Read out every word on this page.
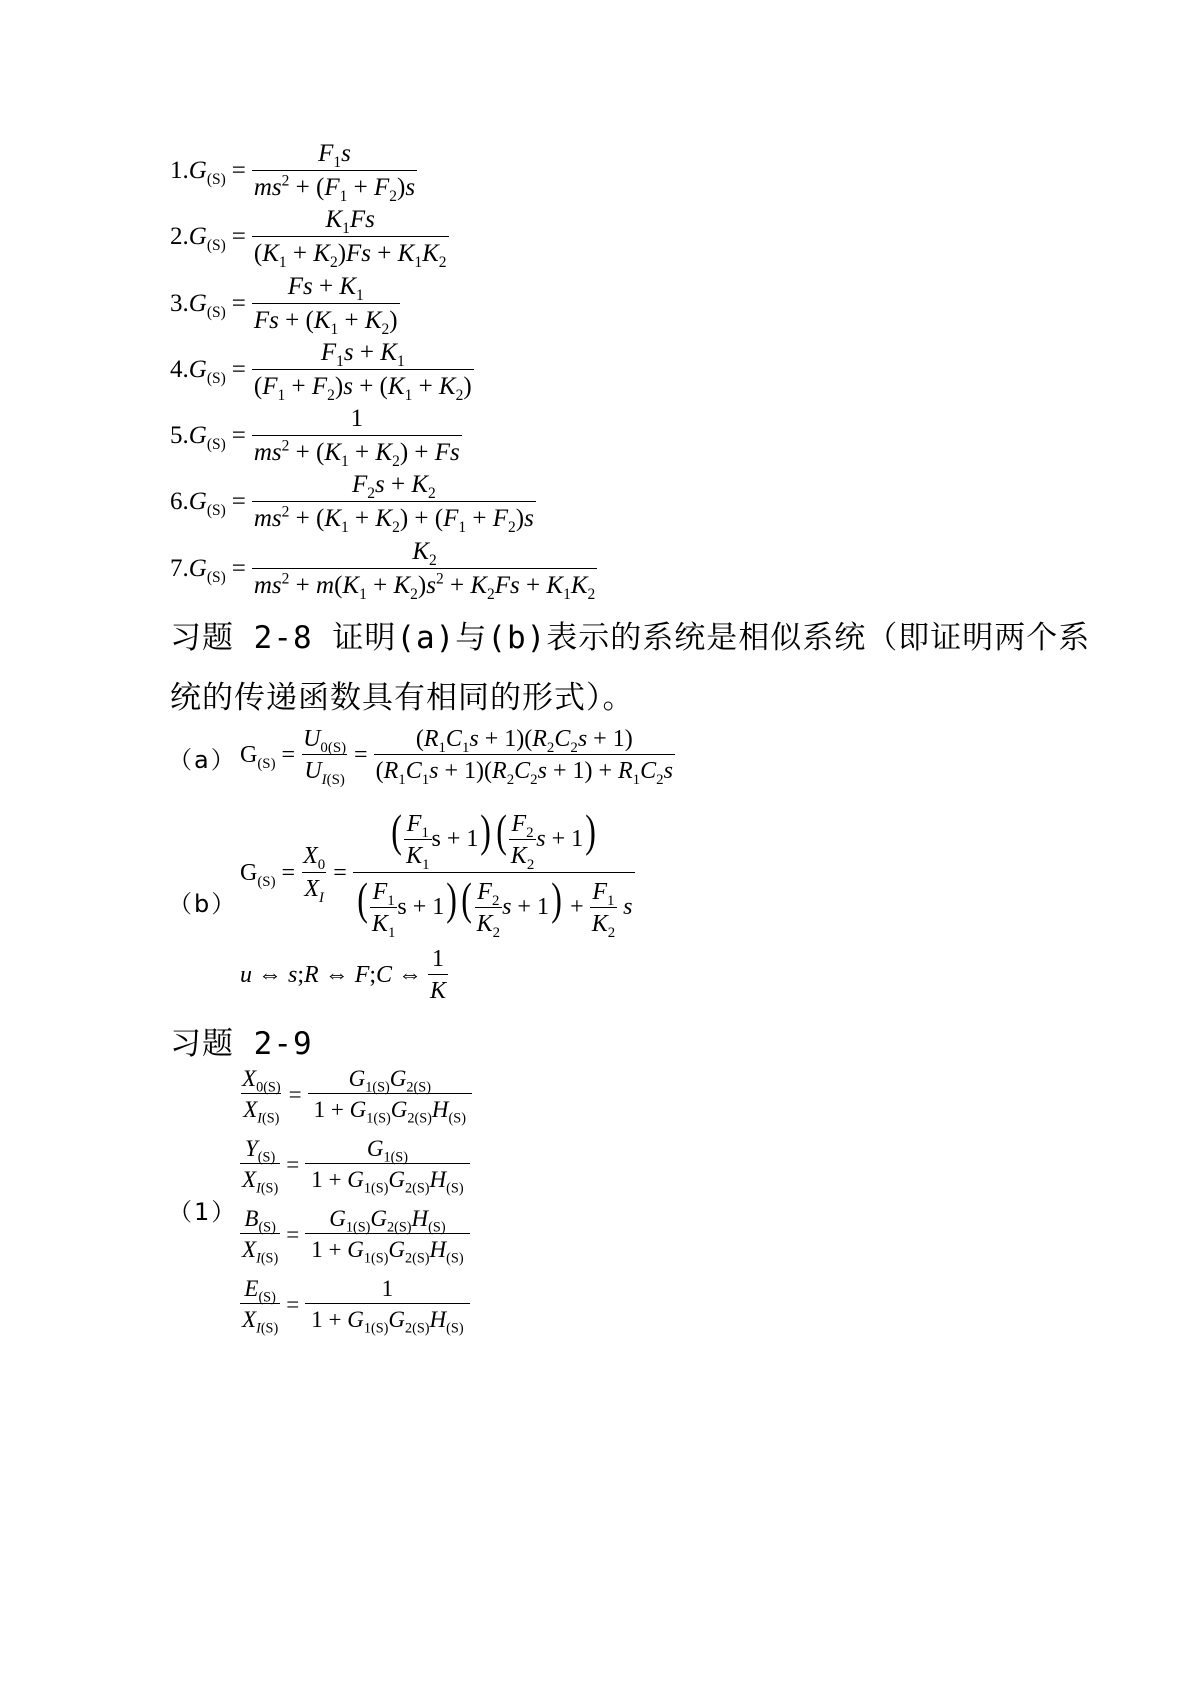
$1.G_{(S)} = \frac{F_1s}{ms^2 + (F_1 + F_2)s}$
$2.G_{(S)} = \frac{K_1Fs}{(K_1 + K_2)Fs + K_1K_2}$
$3.G_{(S)} = \frac{Fs + K_1}{Fs + (K_1 + K_2)}$
$4.G_{(S)} = \frac{F_1s + K_1}{(F_1 + F_2)s + (K_1 + K_2)}$
$5.G_{(S)} = \frac{1}{ms^2 + (K_1 + K_2) + Fs}$
$6.G_{(S)} = \frac{F_2s + K_2}{ms^2 + (K_1 + K_2) + (F_1 + F_2)s}$
$7.G_{(S)} = \frac{K_2}{ms^2 + m(K_1 + K_2)s^2 + K_2Fs + K_1K_2}$
习题 2-8 证明(a)与(b)表示的系统是相似系统（即证明两个系
统的传递函数具有相同的形式）。
（a） $G_{(S)} = \frac{U_{0(S)}}{U_{I(S)}} = \frac{(R_1C_1s + 1)(R_2C_2s + 1)}{(R_1C_1s + 1)(R_2C_2s + 1) + R_1C_2s}$
（b）
$G_{(S)} = \frac{X_0}{X_I} = \frac{( \frac{F_1}{K_1} s + 1)( \frac{F_2}{K_2} s + 1)}{( \frac{F_1}{K_1} s + 1)( \frac{F_2}{K_2} s + 1) + \frac{F_1}{K_2} s}$
u ⇔ s ; R ⇔ F ; C ⇔ $\frac{1}{K}$
习题 2-9
（1）
$\frac{X_{0(S)}}{X_{I(S)}} = \frac{G_{1(S)}G_{2(S)}}{1 + G_{1(S)}G_{2(S)}H_{(S)}}$
$\frac{Y_{(S)}}{X_{I(S)}} = \frac{G_{1(S)}}{1 + G_{1(S)}G_{2(S)}H_{(S)}}$
$\frac{B_{(S)}}{X_{I(S)}} = \frac{G_{1(S)}G_{2(S)}H_{(S)}}{1 + G_{1(S)}G_{2(S)}H_{(S)}}$
$\frac{E_{(S)}}{X_{I(S)}} = \frac{1}{1 + G_{1(S)}G_{2(S)}H_{(S)}}$
